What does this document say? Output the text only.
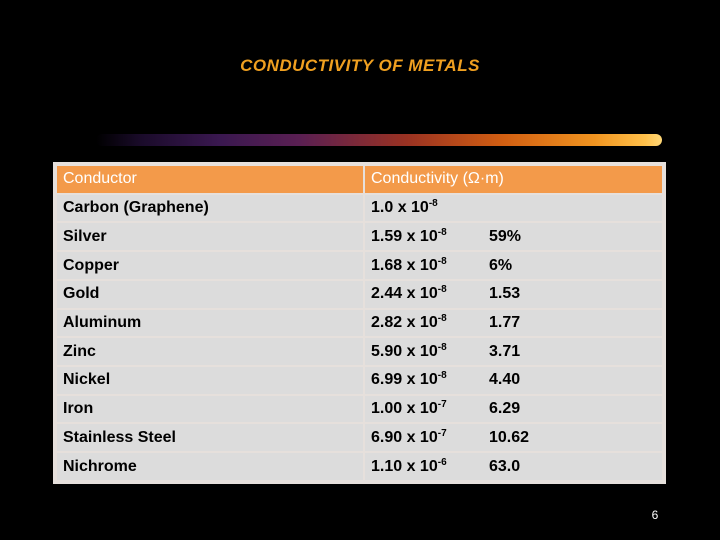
CONDUCTIVITY OF METALS
Conductor	Conductivity (Ω·m)
Carbon (Graphene)	1.0 x $10^{-8}$
Silver	1.59 x $10^{-8}$ 59%
Copper	1.68 x $10^{-8}$ 6%
Gold	2.44 x $10^{-8}$ 1.53
Aluminum	2.82 x $10^{-8}$ 1.77
Zinc	5.90 x $10^{-8}$ 3.71
Nickel	6.99 x $10^{-8}$ 4.40
Iron	1.00 x $10^{-7}$ 6.29
Stainless Steel	6.90 x $10^{-7}$ 10.62
Nichrome	1.10 x $10^{-6}$ 63.0
6
